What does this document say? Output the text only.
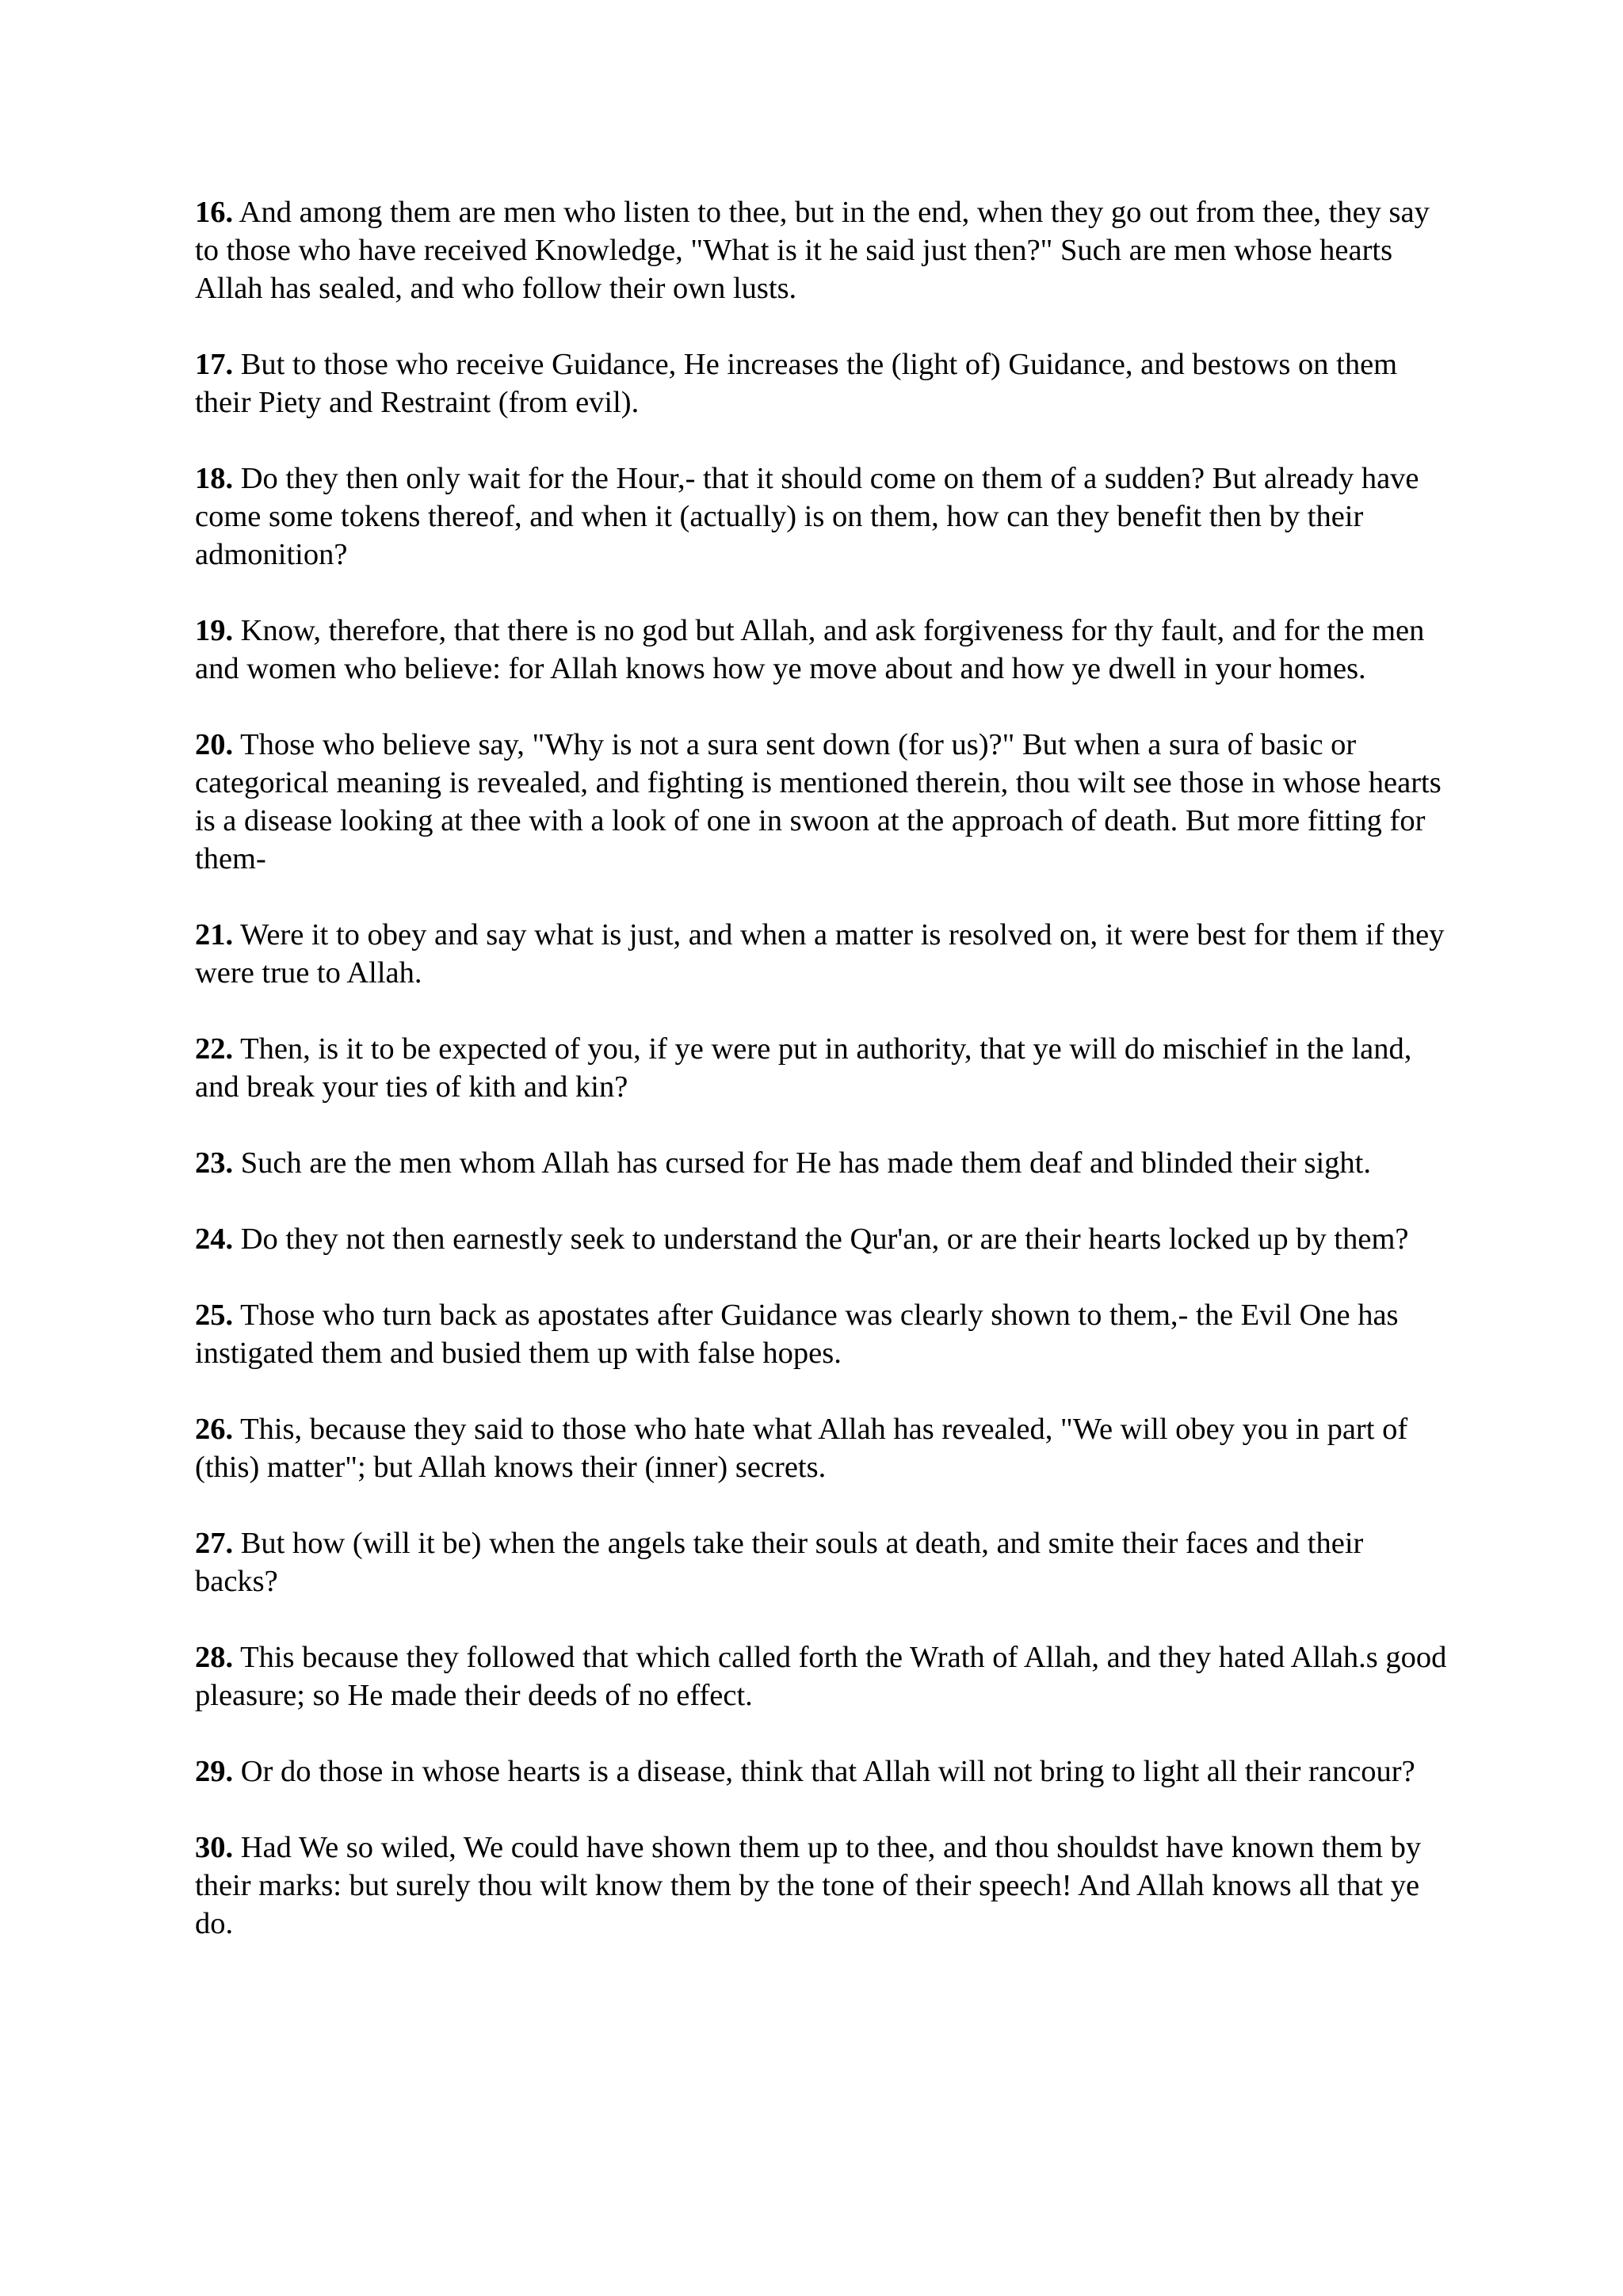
16. And among them are men who listen to thee, but in the end, when they go out from thee, they say to those who have received Knowledge, "What is it he said just then?" Such are men whose hearts Allah has sealed, and who follow their own lusts.

17. But to those who receive Guidance, He increases the (light of) Guidance, and bestows on them their Piety and Restraint (from evil).

18. Do they then only wait for the Hour,- that it should come on them of a sudden? But already have come some tokens thereof, and when it (actually) is on them, how can they benefit then by their admonition?

19. Know, therefore, that there is no god but Allah, and ask forgiveness for thy fault, and for the men and women who believe: for Allah knows how ye move about and how ye dwell in your homes.

20. Those who believe say, "Why is not a sura sent down (for us)?" But when a sura of basic or categorical meaning is revealed, and fighting is mentioned therein, thou wilt see those in whose hearts is a disease looking at thee with a look of one in swoon at the approach of death. But more fitting for them-

21. Were it to obey and say what is just, and when a matter is resolved on, it were best for them if they were true to Allah.

22. Then, is it to be expected of you, if ye were put in authority, that ye will do mischief in the land, and break your ties of kith and kin?

23. Such are the men whom Allah has cursed for He has made them deaf and blinded their sight.

24. Do they not then earnestly seek to understand the Qur'an, or are their hearts locked up by them?

25. Those who turn back as apostates after Guidance was clearly shown to them,- the Evil One has instigated them and busied them up with false hopes.

26. This, because they said to those who hate what Allah has revealed, "We will obey you in part of (this) matter"; but Allah knows their (inner) secrets.

27. But how (will it be) when the angels take their souls at death, and smite their faces and their backs?

28. This because they followed that which called forth the Wrath of Allah, and they hated Allah.s good pleasure; so He made their deeds of no effect.

29. Or do those in whose hearts is a disease, think that Allah will not bring to light all their rancour?

30. Had We so wiled, We could have shown them up to thee, and thou shouldst have known them by their marks: but surely thou wilt know them by the tone of their speech! And Allah knows all that ye do.
